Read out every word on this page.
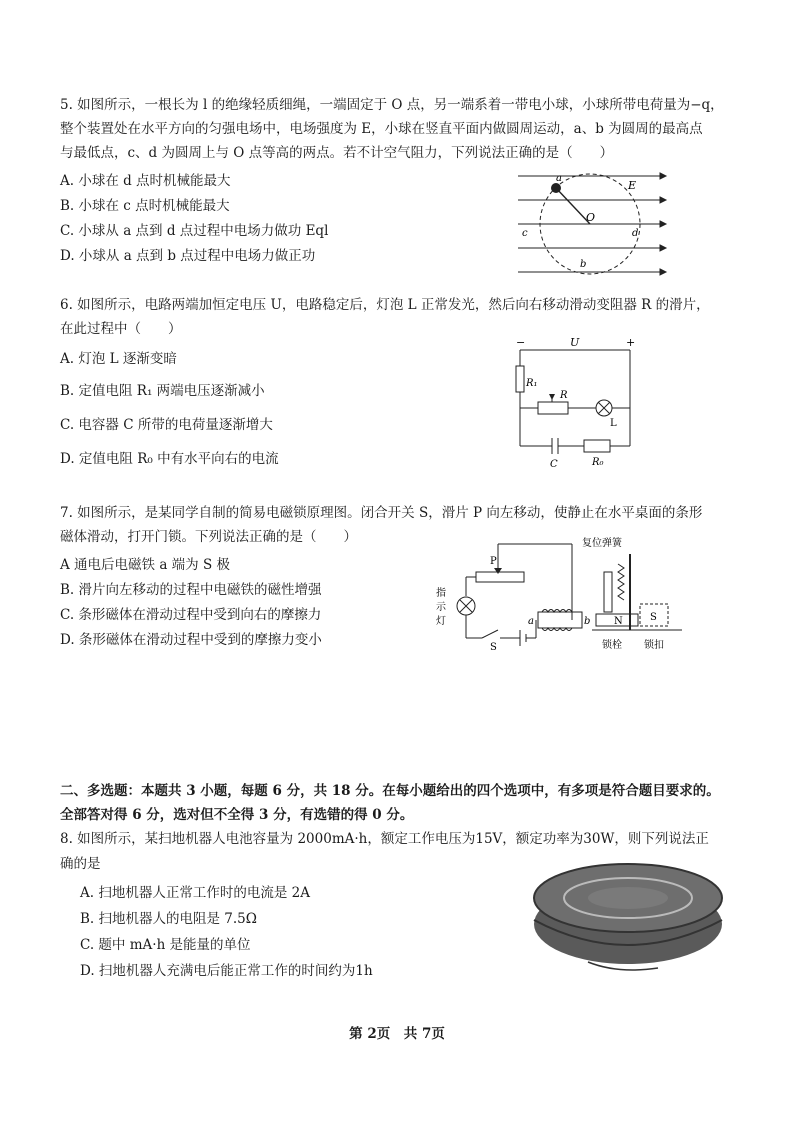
5. 如图所示，一根长为 l 的绝缘轻质细绳，一端固定于 O 点，另一端系着一带电小球，小球所带电荷量为−q，
整个装置处在水平方向的匀强电场中，电场强度为 E，小球在竖直平面内做圆周运动，a、b 为圆周的最高点
与最低点，c、d 为圆周上与 O 点等高的两点。若不计空气阻力，下列说法正确的是（　　）
A. 小球在 d 点时机械能最大
B. 小球在 c 点时机械能最大
C. 小球从 a 点到 d 点过程中电场力做功 Eql
D. 小球从 a 点到 b 点过程中电场力做正功
E
O
a
b
c	d
6. 如图所示，电路两端加恒定电压 U，电路稳定后，灯泡 L 正常发光，然后向右移动滑动变阻器 R 的滑片，
在此过程中（　　）
A. 灯泡 L 逐渐变暗
B. 定值电阻 R₁ 两端电压逐渐减小
C. 电容器 C 所带的电荷量逐渐增大
D. 定值电阻 R₀ 中有水平向右的电流
−	U	+
R₁
R
L
C	R₀
7. 如图所示，是某同学自制的简易电磁锁原理图。闭合开关 S，滑片 P 向左移动，使静止在水平桌面的条形
磁体滑动，打开门锁。下列说法正确的是（　　）
A 通电后电磁铁 a 端为 S 极
B. 滑片向左移动的过程中电磁铁的磁性增强
C. 条形磁体在滑动过程中受到向右的摩擦力
D. 条形磁体在滑动过程中受到的摩擦力变小
复位弹簧
P
指
示
灯	a	b N	S
S	锁栓 锁扣
二、多选题：本题共 3 小题，每题 6 分，共 18 分。在每小题给出的四个选项中，有多项是符合题目要求的。
全部答对得 6 分，选对但不全得 3 分，有选错的得 0 分。
8. 如图所示，某扫地机器人电池容量为 2000mA·h，额定工作电压为15V，额定功率为30W，则下列说法正
确的是
A. 扫地机器人正常工作时的电流是 2A
B. 扫地机器人的电阻是 7.5Ω
C. 题中 mA·h 是能量的单位
D. 扫地机器人充满电后能正常工作的时间约为1h
第 2页　共 7页
